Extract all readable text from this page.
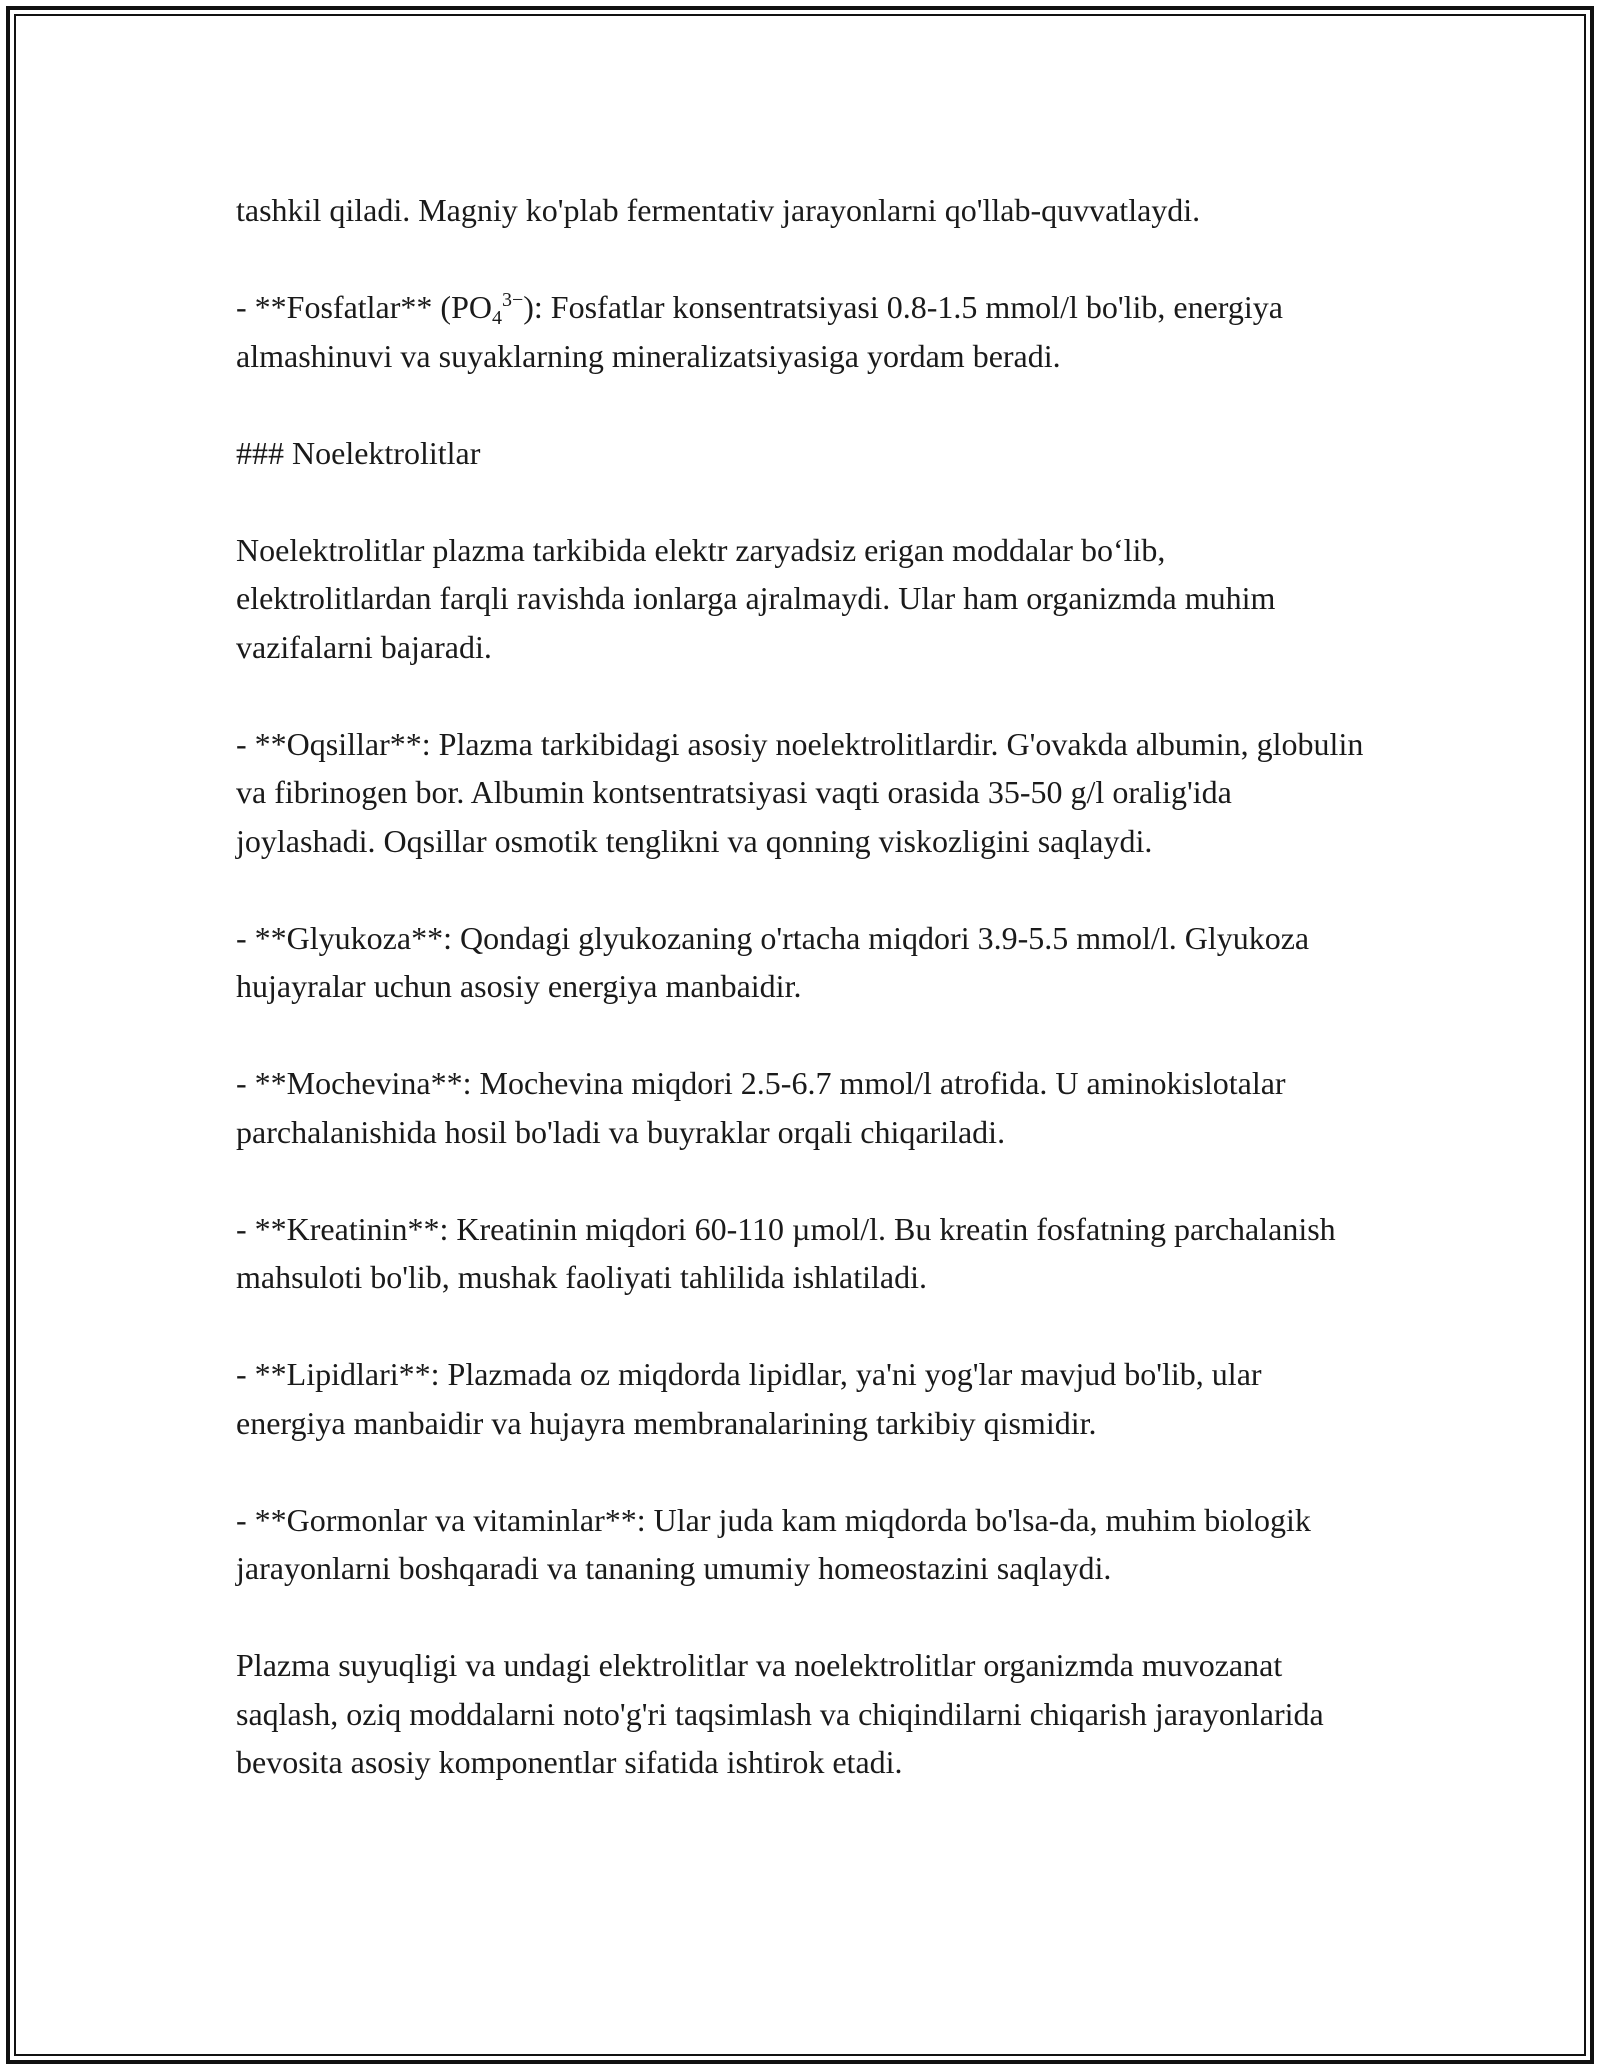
tashkil qiladi. Magniy ko'plab fermentativ jarayonlarni qo'llab-quvvatlaydi.

- **Fosfatlar** $(PO_4^{3-})$: Fosfatlar konsentratsiyasi 0.8-1.5 mmol/l bo'lib, energiya almashinuvi va suyaklarning mineralizatsiyasiga yordam beradi.

### Noelektrolitlar

Noelektrolitlar plazma tarkibida elektr zaryadsiz erigan moddalar bo‘lib, elektrolitlardan farqli ravishda ionlarga ajralmaydi. Ular ham organizmda muhim vazifalarni bajaradi.

- **Oqsillar**: Plazma tarkibidagi asosiy noelektrolitlardir. G'ovakda albumin, globulin va fibrinogen bor. Albumin kontsentratsiyasi vaqti orasida 35-50 g/l oralig'ida joylashadi. Oqsillar osmotik tenglikni va qonning viskozligini saqlaydi.

- **Glyukoza**: Qondagi glyukozaning o'rtacha miqdori 3.9-5.5 mmol/l. Glyukoza hujayralar uchun asosiy energiya manbaidir.

- **Mochevina**: Mochevina miqdori 2.5-6.7 mmol/l atrofida. U aminokislotalar parchalanishida hosil bo'ladi va buyraklar orqali chiqariladi.

- **Kreatinin**: Kreatinin miqdori 60-110 µmol/l. Bu kreatin fosfatning parchalanish mahsuloti bo'lib, mushak faoliyati tahlilida ishlatiladi.

- **Lipidlari**: Plazmada oz miqdorda lipidlar, ya'ni yog'lar mavjud bo'lib, ular energiya manbaidir va hujayra membranalarining tarkibiy qismidir.

- **Gormonlar va vitaminlar**: Ular juda kam miqdorda bo'lsa-da, muhim biologik jarayonlarni boshqaradi va tananing umumiy homeostazini saqlaydi.

Plazma suyuqligi va undagi elektrolitlar va noelektrolitlar organizmda muvozanat saqlash, oziq moddalarni noto'g'ri taqsimlash va chiqindilarni chiqarish jarayonlarida bevosita asosiy komponentlar sifatida ishtirok etadi.
